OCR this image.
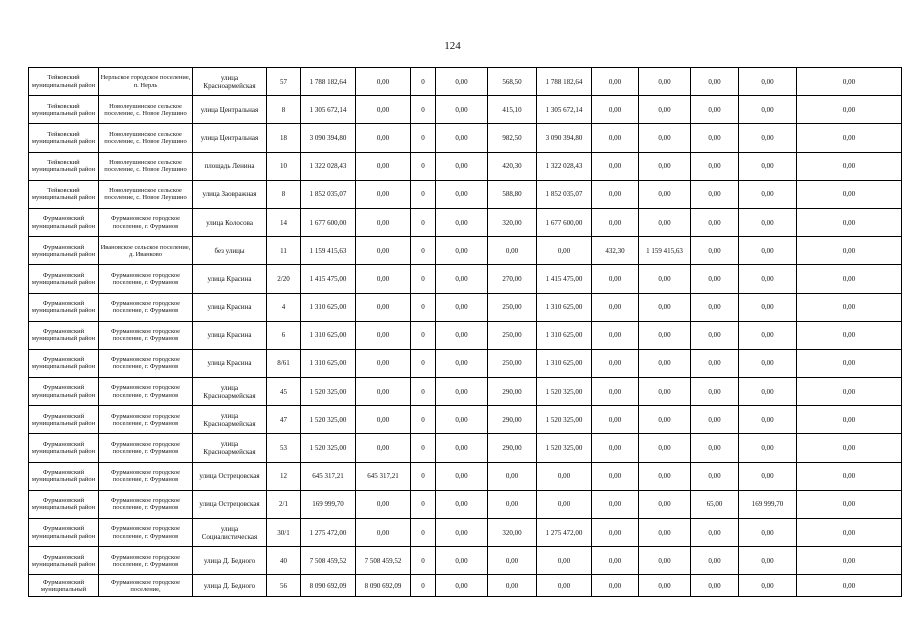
124
Тейковский муниципальный район	Нерльское городское поселение, п. Нерль	улица Красноармейская	57	1 788 182,64	0,00	0	0,00	568,50	1 788 182,64	0,00	0,00	0,00	0,00	0,00
Тейковский муниципальный район	Новолеушинское сельское поселение, с. Новое Леушино	улица Центральная	8	1 305 672,14	0,00	0	0,00	415,10	1 305 672,14	0,00	0,00	0,00	0,00	0,00
Тейковский муниципальный район	Новолеушинское сельское поселение, с. Новое Леушино	улица Центральная	18	3 090 394,80	0,00	0	0,00	982,50	3 090 394,80	0,00	0,00	0,00	0,00	0,00
Тейковский муниципальный район	Новолеушинское сельское поселение, с. Новое Леушино	площадь Ленина	10	1 322 028,43	0,00	0	0,00	420,30	1 322 028,43	0,00	0,00	0,00	0,00	0,00
Тейковский муниципальный район	Новолеушинское сельское поселение, с. Новое Леушино	улица Заовражная	8	1 852 035,07	0,00	0	0,00	588,80	1 852 035,07	0,00	0,00	0,00	0,00	0,00
Фурмановский муниципальный район	Фурмановское городское поселение, г. Фурманов	улица Колосова	14	1 677 600,00	0,00	0	0,00	320,00	1 677 600,00	0,00	0,00	0,00	0,00	0,00
Фурмановский муниципальный район	Ивановское сельское поселение, д. Иванково	без улицы	11	1 159 415,63	0,00	0	0,00	0,00	0,00	432,30	1 159 415,63	0,00	0,00	0,00
Фурмановский муниципальный район	Фурмановское городское поселение, г. Фурманов	улица Красина	2/20	1 415 475,00	0,00	0	0,00	270,00	1 415 475,00	0,00	0,00	0,00	0,00	0,00
Фурмановский муниципальный район	Фурмановское городское поселение, г. Фурманов	улица Красина	4	1 310 625,00	0,00	0	0,00	250,00	1 310 625,00	0,00	0,00	0,00	0,00	0,00
Фурмановский муниципальный район	Фурмановское городское поселение, г. Фурманов	улица Красина	6	1 310 625,00	0,00	0	0,00	250,00	1 310 625,00	0,00	0,00	0,00	0,00	0,00
Фурмановский муниципальный район	Фурмановское городское поселение, г. Фурманов	улица Красина	8/61	1 310 625,00	0,00	0	0,00	250,00	1 310 625,00	0,00	0,00	0,00	0,00	0,00
Фурмановский муниципальный район	Фурмановское городское поселение, г. Фурманов	улица Красноармейская	45	1 520 325,00	0,00	0	0,00	290,00	1 520 325,00	0,00	0,00	0,00	0,00	0,00
Фурмановский муниципальный район	Фурмановское городское поселение, г. Фурманов	улица Красноармейская	47	1 520 325,00	0,00	0	0,00	290,00	1 520 325,00	0,00	0,00	0,00	0,00	0,00
Фурмановский муниципальный район	Фурмановское городское поселение, г. Фурманов	улица Красноармейская	53	1 520 325,00	0,00	0	0,00	290,00	1 520 325,00	0,00	0,00	0,00	0,00	0,00
Фурмановский муниципальный район	Фурмановское городское поселение, г. Фурманов	улица Острецовская	12	645 317,21	645 317,21	0	0,00	0,00	0,00	0,00	0,00	0,00	0,00	0,00
Фурмановский муниципальный район	Фурмановское городское поселение, г. Фурманов	улица Острецовская	2/1	169 999,70	0,00	0	0,00	0,00	0,00	0,00	0,00	65,00	169 999,70	0,00
Фурмановский муниципальный район	Фурмановское городское поселение, г. Фурманов	улица Социалистическая	30/1	1 275 472,00	0,00	0	0,00	320,00	1 275 472,00	0,00	0,00	0,00	0,00	0,00
Фурмановский муниципальный район	Фурмановское городское поселение, г. Фурманов	улица Д. Бедного	40	7 508 459,52	7 508 459,52	0	0,00	0,00	0,00	0,00	0,00	0,00	0,00	0,00
Фурмановский муниципальный	Фурмановское городское поселение,	улица Д. Бедного	56	8 090 692,09	8 090 692,09	0	0,00	0,00	0,00	0,00	0,00	0,00	0,00	0,00
